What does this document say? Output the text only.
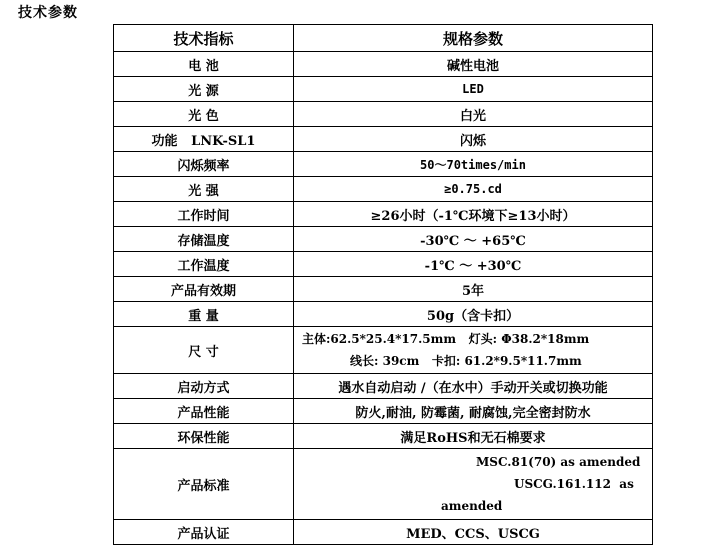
技术参数
技术指标	规格参数
电 池	碱性电池
光 源	LED
光 色	白光
功能   LNK-SL1	闪烁
闪烁频率	50～70times/min
光 强	≥0.75.cd
工作时间	≥26小时（-1℃环境下≥13小时）
存储温度	-30℃ ～ +65℃
工作温度	-1℃ ～ +30℃
产品有效期	5年
重 量	50g（含卡扣）
尺 寸	主体:62.5*25.4*17.5mm   灯头: Φ38.2*18mm
线长: 39cm   卡扣: 61.2*9.5*11.7mm

启动方式	遇水自动启动 /（在水中）手动开关或切换功能
产品性能	防火,耐油, 防霉菌, 耐腐蚀,完全密封防水
环保性能	满足RoHS和无石棉要求
产品标准	MSC.81(70) as amended
USCG.161.112  as
amended

产品认证	MED、CCS、USCG
